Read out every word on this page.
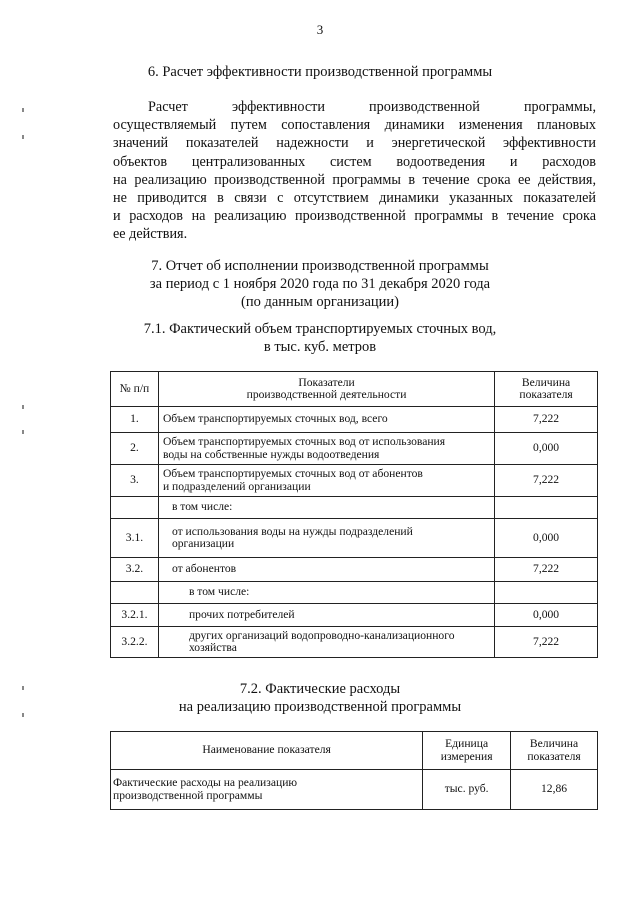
3
6. Расчет эффективности производственной программы
Расчет эффективности производственной программы,
осуществляемый путем сопоставления динамики изменения плановых
значений показателей надежности и энергетической эффективности
объектов централизованных систем водоотведения и расходов
на реализацию производственной программы в течение срока ее действия,
не приводится в связи с отсутствием динамики указанных показателей
и расходов на реализацию производственной программы в течение срока
ее действия.
7. Отчет об исполнении производственной программы
за период с 1 ноября 2020 года по 31 декабря 2020 года
(по данным организации)
7.1. Фактический объем транспортируемых сточных вод,
в тыс. куб. метров
№ п/п	Показатели
производственной деятельности	Величина
показателя
1.	Объем транспортируемых сточных вод, всего	7,222
2.	Объем транспортируемых сточных вод от использования
воды на собственные нужды водоотведения	0,000
3.	Объем транспортируемых сточных вод от абонентов
и подразделений организации	7,222
	в том числе:	
3.1.	от использования воды на нужды подразделений
организации	0,000
3.2.	от абонентов	7,222
	в том числе:	
3.2.1.	прочих потребителей	0,000
3.2.2.	других организаций водопроводно-канализационного
хозяйства	7,222
7.2. Фактические расходы
на реализацию производственной программы
Наименование показателя	Единица
измерения	Величина
показателя
Фактические расходы на реализацию
производственной программы	тыс. руб.	12,86
